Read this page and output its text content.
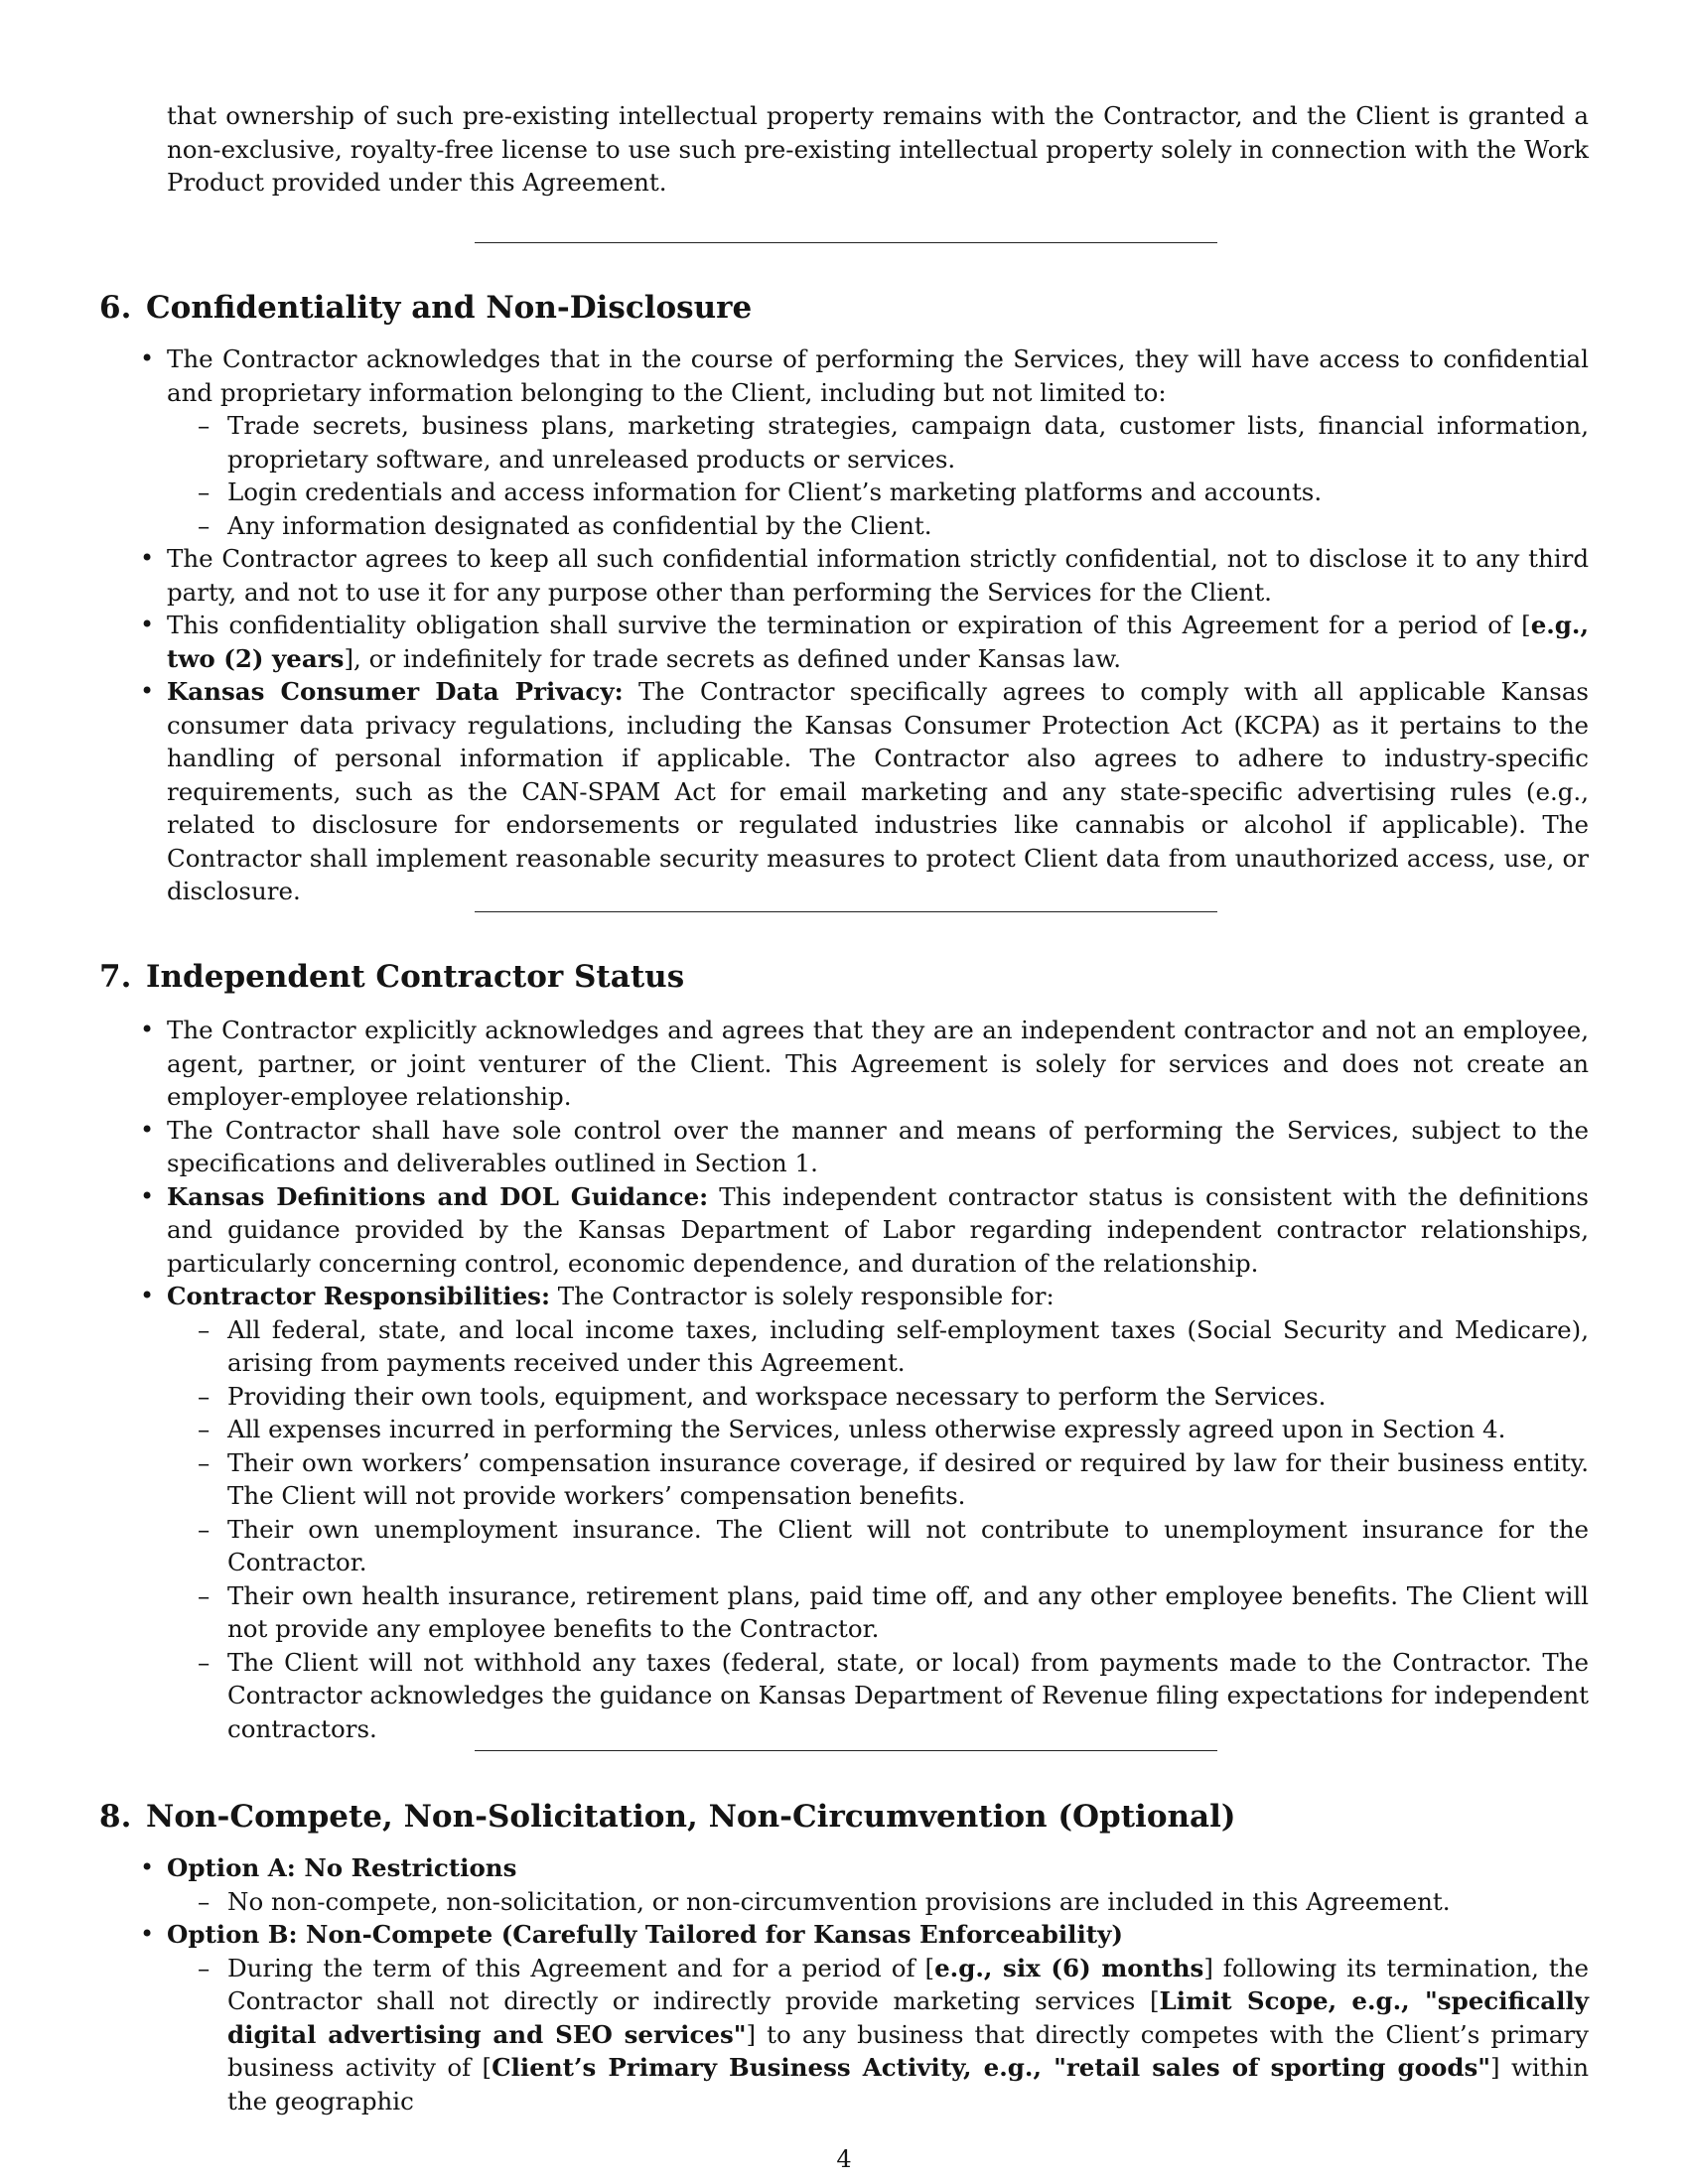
that ownership of such pre-existing intellectual property remains with the Contractor, and the Client is granted a non-exclusive, royalty-free license to use such pre-existing intellectual property solely in connection with the Work Product provided under this Agreement.

6. Confidentiality and Non-Disclosure
• The Contractor acknowledges that in the course of performing the Services, they will have access to confidential and proprietary information belonging to the Client, including but not limited to:
– Trade secrets, business plans, marketing strategies, campaign data, customer lists, financial information, proprietary software, and unreleased products or services.
– Login credentials and access information for Client’s marketing platforms and accounts.
– Any information designated as confidential by the Client.
• The Contractor agrees to keep all such confidential information strictly confidential, not to disclose it to any third party, and not to use it for any purpose other than performing the Services for the Client.
• This confidentiality obligation shall survive the termination or expiration of this Agreement for a period of [e.g., two (2) years], or indefinitely for trade secrets as defined under Kansas law.
• Kansas Consumer Data Privacy: The Contractor specifically agrees to comply with all applicable Kansas consumer data privacy regulations, including the Kansas Consumer Protection Act (KCPA) as it pertains to the handling of personal information if applicable. The Contractor also agrees to adhere to industry-specific requirements, such as the CAN-SPAM Act for email marketing and any state-specific advertising rules (e.g., related to disclosure for endorsements or regulated industries like cannabis or alcohol if applicable). The Contractor shall implement reasonable security measures to protect Client data from unauthorized access, use, or disclosure.
7. Independent Contractor Status
• The Contractor explicitly acknowledges and agrees that they are an independent contractor and not an employee, agent, partner, or joint venturer of the Client. This Agreement is solely for services and does not create an employer-employee relationship.
• The Contractor shall have sole control over the manner and means of performing the Services, subject to the specifications and deliverables outlined in Section 1.
• Kansas Definitions and DOL Guidance: This independent contractor status is consistent with the definitions and guidance provided by the Kansas Department of Labor regarding independent contractor relationships, particularly concerning control, economic dependence, and duration of the relationship.
• Contractor Responsibilities: The Contractor is solely responsible for:
– All federal, state, and local income taxes, including self-employment taxes (Social Security and Medicare), arising from payments received under this Agreement.
– Providing their own tools, equipment, and workspace necessary to perform the Services.
– All expenses incurred in performing the Services, unless otherwise expressly agreed upon in Section 4.
– Their own workers’ compensation insurance coverage, if desired or required by law for their business entity. The Client will not provide workers’ compensation benefits.
– Their own unemployment insurance. The Client will not contribute to unemployment insurance for the Contractor.
– Their own health insurance, retirement plans, paid time off, and any other employee benefits. The Client will not provide any employee benefits to the Contractor.
– The Client will not withhold any taxes (federal, state, or local) from payments made to the Contractor. The Contractor acknowledges the guidance on Kansas Department of Revenue filing expectations for independent contractors.
8. Non-Compete, Non-Solicitation, Non-Circumvention (Optional)
• Option A: No Restrictions
– No non-compete, non-solicitation, or non-circumvention provisions are included in this Agreement.
• Option B: Non-Compete (Carefully Tailored for Kansas Enforceability)
– During the term of this Agreement and for a period of [e.g., six (6) months] following its termination, the Contractor shall not directly or indirectly provide marketing services [Limit Scope, e.g., "specifically digital advertising and SEO services"] to any business that directly competes with the Client’s primary business activity of [Client’s Primary Business Activity, e.g., "retail sales of sporting goods"] within the geographic
4
